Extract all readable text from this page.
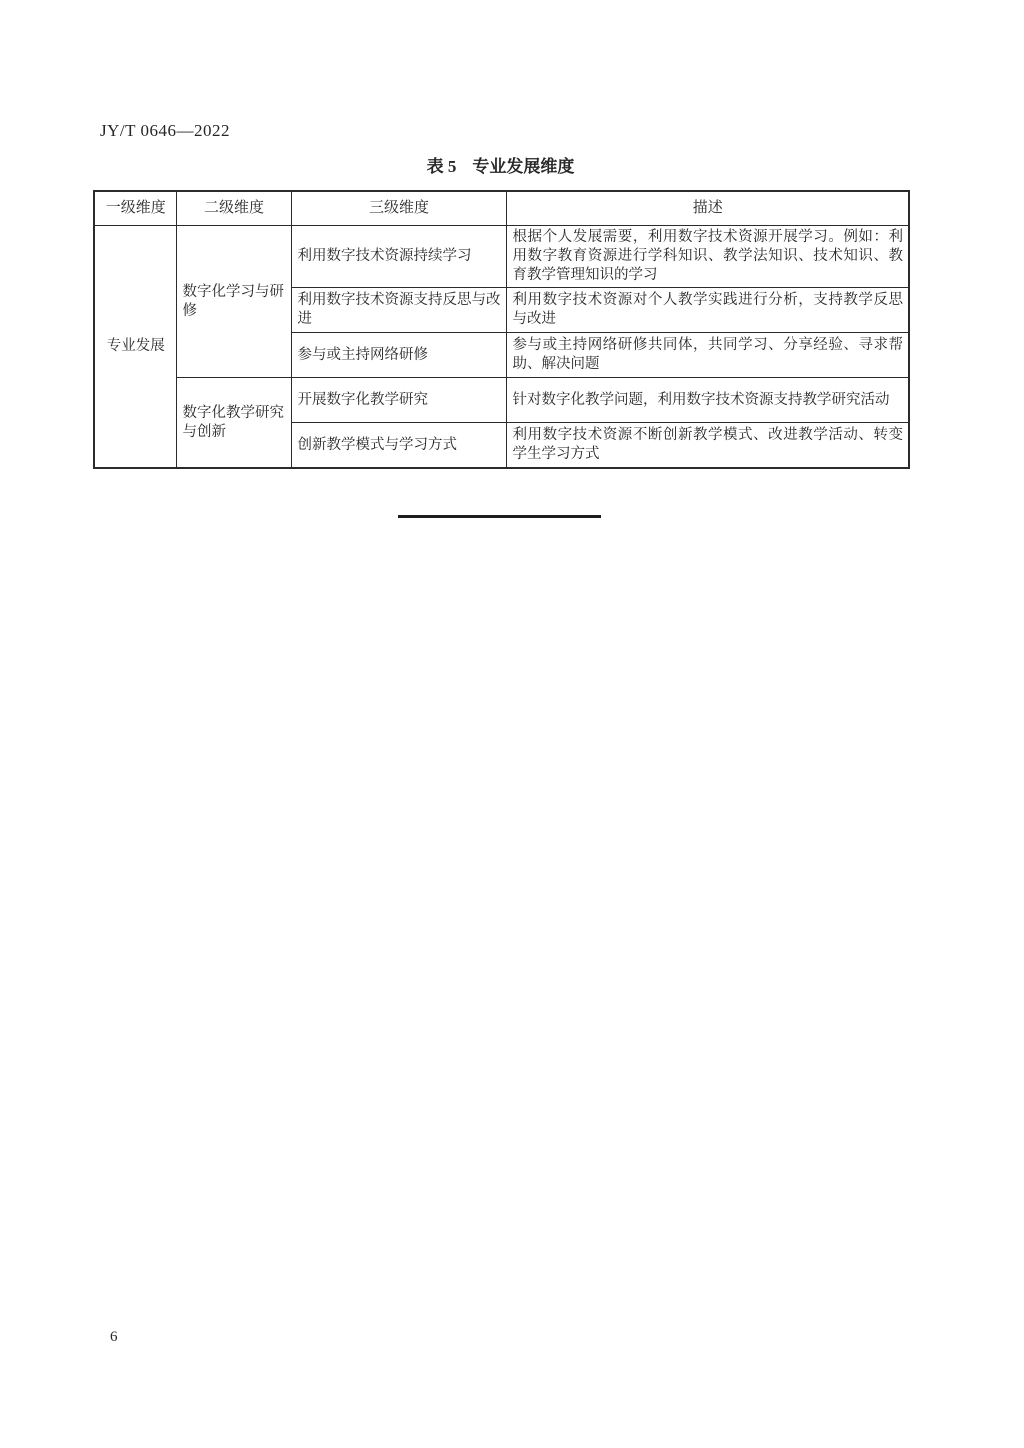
JY/T 0646—2022
表 5 专业发展维度
一级维度	二级维度	三级维度	描述
专业发展	数字化学习与研修	利用数字技术资源持续学习	根据个人发展需要，利用数字技术资源开展学习。例如：利用数字教育资源进行学科知识、教学法知识、技术知识、教育教学管理知识的学习
		利用数字技术资源支持反思与改进	利用数字技术资源对个人教学实践进行分析，支持教学反思与改进
		参与或主持网络研修	参与或主持网络研修共同体，共同学习、分享经验、寻求帮助、解决问题
	数字化教学研究与创新	开展数字化教学研究	针对数字化教学问题，利用数字技术资源支持教学研究活动
		创新教学模式与学习方式	利用数字技术资源不断创新教学模式、改进教学活动、转变学生学习方式
6
